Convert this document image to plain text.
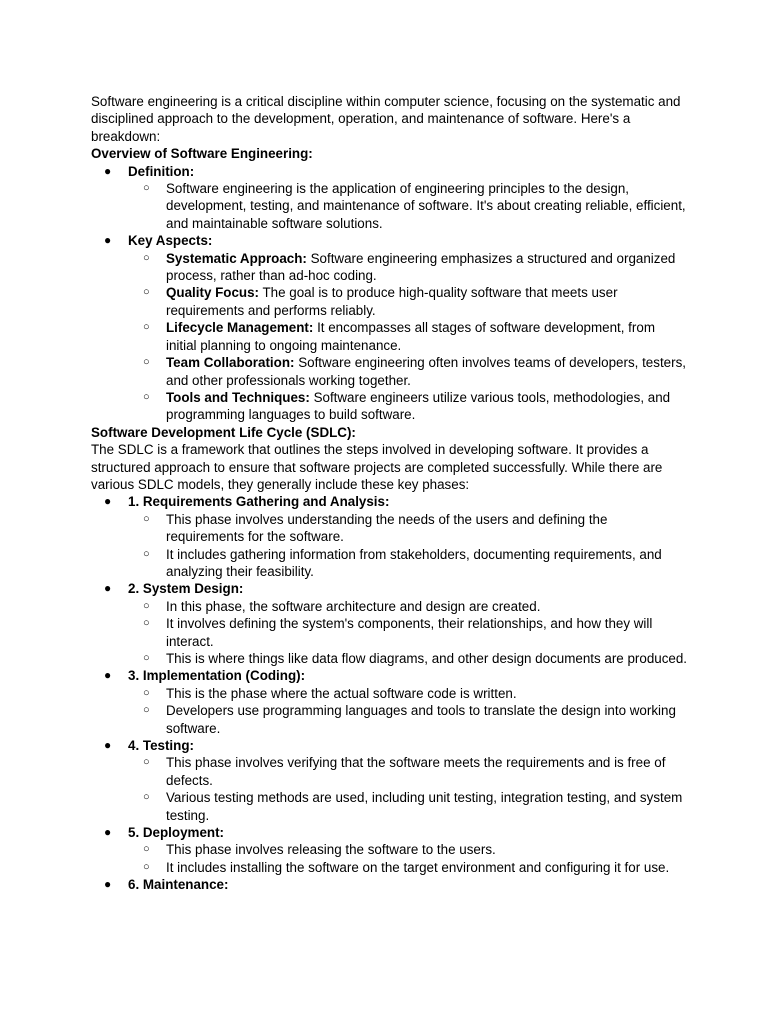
Software engineering is a critical discipline within computer science, focusing on the systematic and disciplined approach to the development, operation, and maintenance of software. Here's a breakdown:

Overview of Software Engineering:

● Definition:
○ Software engineering is the application of engineering principles to the design, development, testing, and maintenance of software. It's about creating reliable, efficient, and maintainable software solutions.
● Key Aspects:
○ Systematic Approach: Software engineering emphasizes a structured and organized process, rather than ad-hoc coding.
○ Quality Focus: The goal is to produce high-quality software that meets user requirements and performs reliably.
○ Lifecycle Management: It encompasses all stages of software development, from initial planning to ongoing maintenance.
○ Team Collaboration: Software engineering often involves teams of developers, testers, and other professionals working together.
○ Tools and Techniques: Software engineers utilize various tools, methodologies, and programming languages to build software.

Software Development Life Cycle (SDLC):

The SDLC is a framework that outlines the steps involved in developing software. It provides a structured approach to ensure that software projects are completed successfully. While there are various SDLC models, they generally include these key phases:

● 1. Requirements Gathering and Analysis:
○ This phase involves understanding the needs of the users and defining the requirements for the software.
○ It includes gathering information from stakeholders, documenting requirements, and analyzing their feasibility.
● 2. System Design:
○ In this phase, the software architecture and design are created.
○ It involves defining the system's components, their relationships, and how they will interact.
○ This is where things like data flow diagrams, and other design documents are produced.
● 3. Implementation (Coding):
○ This is the phase where the actual software code is written.
○ Developers use programming languages and tools to translate the design into working software.
● 4. Testing:
○ This phase involves verifying that the software meets the requirements and is free of defects.
○ Various testing methods are used, including unit testing, integration testing, and system testing.
● 5. Deployment:
○ This phase involves releasing the software to the users.
○ It includes installing the software on the target environment and configuring it for use.
● 6. Maintenance:
